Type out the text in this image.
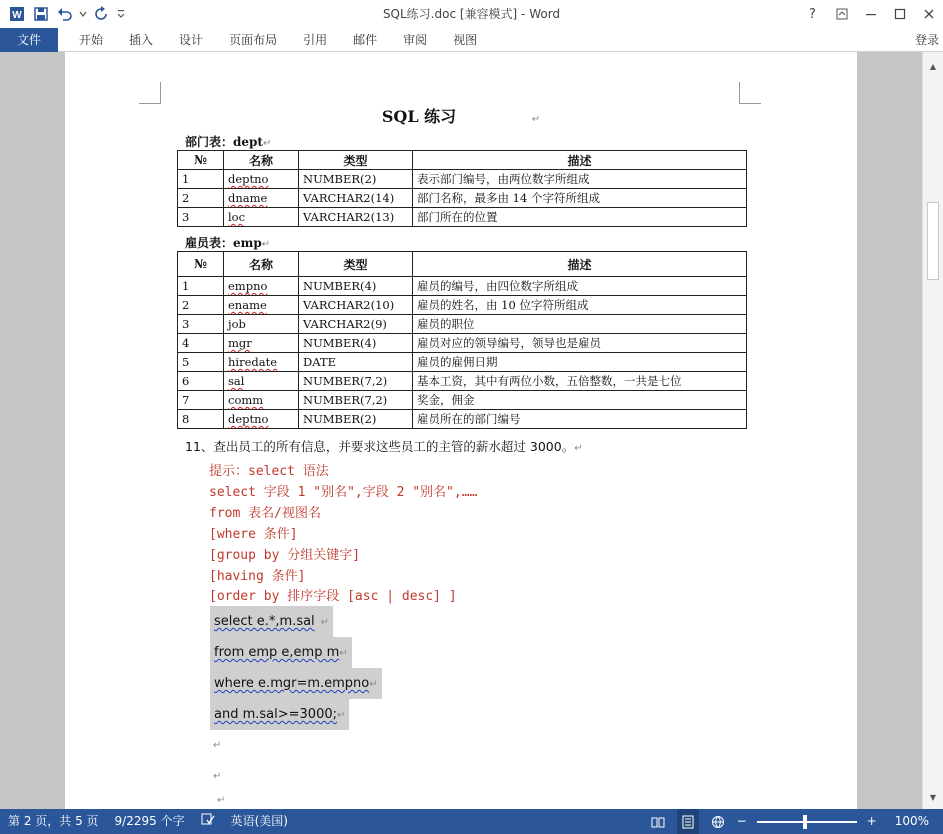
W	SQL练习.doc [兼容模式] - Word	?
文件	开始	插入	设计	页面布局	引用	邮件	审阅	视图	登录
SQL 练习	↵
部门表：dept↵
№	名称	类型	描述
1	deptno	NUMBER(2)	表示部门编号，由两位数字所组成
2	dname	VARCHAR2(14)	部门名称，最多由 14 个字符所组成
3	loc	VARCHAR2(13)	部门所在的位置
雇员表：emp↵
№	名称	类型	描述
1	empno	NUMBER(4)	雇员的编号，由四位数字所组成
2	ename	VARCHAR2(10)	雇员的姓名，由 10 位字符所组成
3	job	VARCHAR2(9)	雇员的职位
4	mgr	NUMBER(4)	雇员对应的领导编号，领导也是雇员
5	hiredate	DATE	雇员的雇佣日期
6	sal	NUMBER(7,2)	基本工资，其中有两位小数，五倍整数，一共是七位
7	comm	NUMBER(7,2)	奖金，佣金
8	deptno	NUMBER(2)	雇员所在的部门编号
11、查出员工的所有信息，并要求这些员工的主管的薪水超过 3000。↵
提示：select 语法
select 字段 1 "别名",字段 2 "别名",……
from 表名/视图名
[where 条件]
[group by 分组关键字]
[having 条件]
[order by 排序字段 [asc | desc] ]
select e.*,m.sal ↵
from emp e,emp m↵
where e.mgr=m.empno↵
and m.sal>=3000;↵
↵
↵
↵
▲
▼
第 2 页，共 5 页	9/2295 个字	英语(美国)	−	+	100%
